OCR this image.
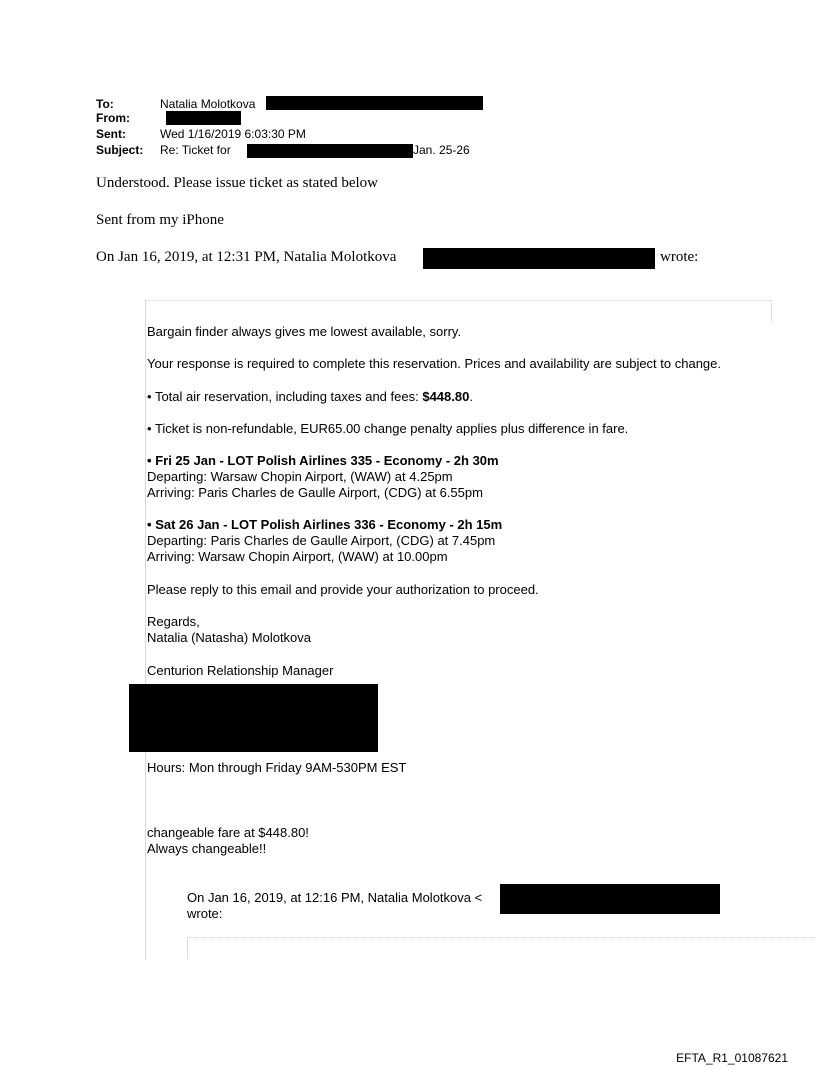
To:	Natalia Molotkova
From:
Sent:	Wed 1/16/2019 6:03:30 PM
Subject: Re: Ticket for	Jan. 25-26
Understood. Please issue ticket as stated below
Sent from my iPhone
On Jan 16, 2019, at 12:31 PM, Natalia Molotkova	wrote:
Bargain finder always gives me lowest available, sorry.
Your response is required to complete this reservation. Prices and availability are subject to change.
• Total air reservation, including taxes and fees: $448.80.
• Ticket is non-refundable, EUR65.00 change penalty applies plus difference in fare.
• Fri 25 Jan - LOT Polish Airlines 335 - Economy - 2h 30m
Departing: Warsaw Chopin Airport, (WAW) at 4.25pm
Arriving: Paris Charles de Gaulle Airport, (CDG) at 6.55pm
• Sat 26 Jan - LOT Polish Airlines 336 - Economy - 2h 15m
Departing: Paris Charles de Gaulle Airport, (CDG) at 7.45pm
Arriving: Warsaw Chopin Airport, (WAW) at 10.00pm
Please reply to this email and provide your authorization to proceed.
Regards,
Natalia (Natasha) Molotkova
Centurion Relationship Manager
Hours: Mon through Friday 9AM-530PM EST
changeable fare at $448.80!
Always changeable!!
On Jan 16, 2019, at 12:16 PM, Natalia Molotkova <
wrote:
EFTA_R1_01087621
